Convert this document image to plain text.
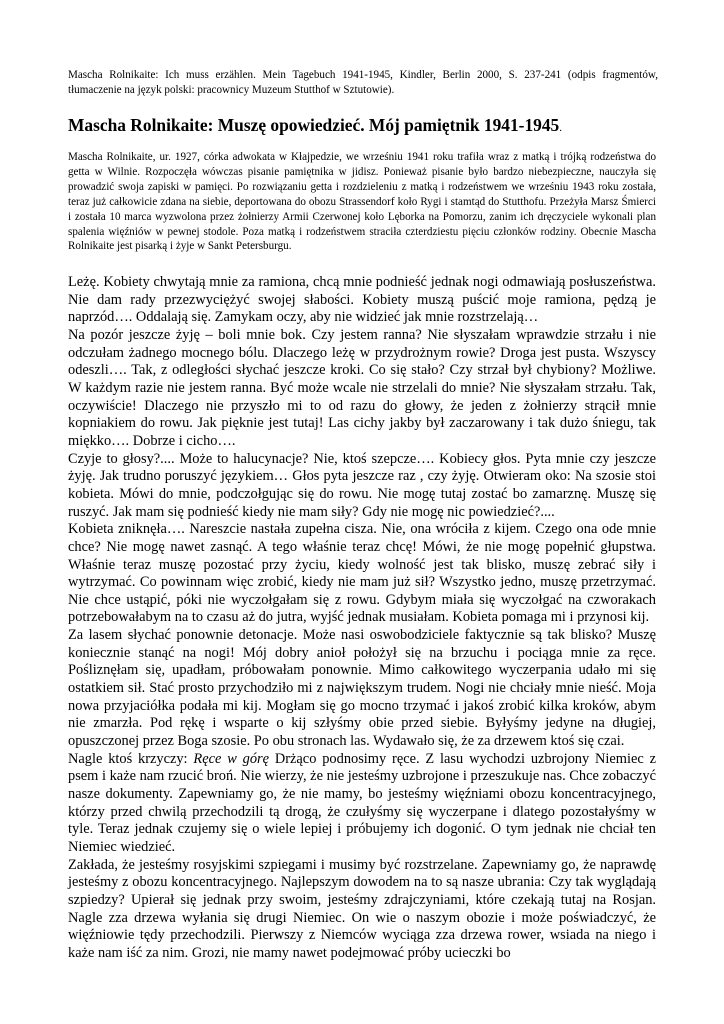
Mascha Rolnikaite: Ich muss erzählen. Mein Tagebuch 1941-1945, Kindler, Berlin 2000, S. 237-241 (odpis fragmentów, tłumaczenie na język polski: pracownicy Muzeum Stutthof w Sztutowie).
Mascha Rolnikaite: Muszę opowiedzieć. Mój pamiętnik 1941-1945.
Mascha Rolnikaite, ur. 1927, córka adwokata w Kłajpedzie, we wrześniu 1941 roku trafiła wraz z matką i trójką rodzeństwa do getta w Wilnie. Rozpoczęła wówczas pisanie pamiętnika w jidisz. Ponieważ pisanie było bardzo niebezpieczne, nauczyła się prowadzić swoja zapiski w pamięci. Po rozwiązaniu getta i rozdzieleniu z matką i rodzeństwem we wrześniu 1943 roku została, teraz już całkowicie zdana na siebie, deportowana do obozu Strassendorf koło Rygi i stamtąd do Stutthofu. Przeżyła Marsz Śmierci i została 10 marca wyzwolona przez żołnierzy Armii Czerwonej koło Lęborka na Pomorzu, zanim ich dręczyciele wykonali plan spalenia więźniów w pewnej stodole. Poza matką i rodzeństwem straciła czterdziestu pięciu członków rodziny. Obecnie Mascha Rolnikaite jest pisarką i żyje w Sankt Petersburgu.

Leżę. Kobiety chwytają mnie za ramiona, chcą mnie podnieść jednak nogi odmawiają posłuszeństwa. Nie dam rady przezwyciężyć swojej słabości. Kobiety muszą puścić moje ramiona, pędzą je naprzód…. Oddalają się. Zamykam oczy, aby nie widzieć jak mnie rozstrzelają…

Na pozór jeszcze żyję – boli mnie bok. Czy jestem ranna? Nie słyszałam wprawdzie strzału i nie odczułam żadnego mocnego bólu. Dlaczego leżę w przydrożnym rowie? Droga jest pusta. Wszyscy odeszli…. Tak, z odległości słychać jeszcze kroki. Co się stało? Czy strzał był chybiony? Możliwe. W każdym razie nie jestem ranna. Być może wcale nie strzelali do mnie? Nie słyszałam strzału. Tak, oczywiście! Dlaczego nie przyszło mi to od razu do głowy, że jeden z żołnierzy strącił mnie kopniakiem do rowu. Jak pięknie jest tutaj! Las cichy jakby był zaczarowany i tak dużo śniegu, tak miękko…. Dobrze i cicho….

Czyje to głosy?.... Może to halucynacje? Nie, ktoś szepcze…. Kobiecy głos. Pyta mnie czy jeszcze żyję. Jak trudno poruszyć językiem… Głos pyta jeszcze raz , czy żyję. Otwieram oko: Na szosie stoi kobieta. Mówi do mnie, podczołgując się do rowu. Nie mogę tutaj zostać bo zamarznę. Muszę się ruszyć. Jak mam się podnieść kiedy nie mam siły? Gdy nie mogę nic powiedzieć?....

Kobieta zniknęła…. Nareszcie nastała zupełna cisza. Nie, ona wróciła z kijem. Czego ona ode mnie chce? Nie mogę nawet zasnąć. A tego właśnie teraz chcę! Mówi, że nie mogę popełnić głupstwa. Właśnie teraz muszę pozostać przy życiu, kiedy wolność jest tak blisko, muszę zebrać siły i wytrzymać. Co powinnam więc zrobić, kiedy nie mam już sił? Wszystko jedno, muszę przetrzymać. Nie chce ustąpić, póki nie wyczołgałam się z rowu. Gdybym miała się wyczołgać na czworakach potrzebowałabym na to czasu aż do jutra, wyjść jednak musiałam. Kobieta pomaga mi i przynosi kij.

Za lasem słychać ponownie detonacje. Może nasi oswobodziciele faktycznie są tak blisko? Muszę koniecznie stanąć na nogi! Mój dobry anioł położył się na brzuchu i pociąga mnie za ręce. Pośliznęłam się, upadłam, próbowałam ponownie. Mimo całkowitego wyczerpania udało mi się ostatkiem sił. Stać prosto przychodziło mi z największym trudem. Nogi nie chciały mnie nieść. Moja nowa przyjaciółka podała mi kij. Mogłam się go mocno trzymać i jakoś zrobić kilka kroków, abym nie zmarzła. Pod rękę i wsparte o kij szłyśmy obie przed siebie. Byłyśmy jedyne na długiej, opuszczonej przez Boga szosie. Po obu stronach las. Wydawało się, że za drzewem ktoś się czai.

Nagle ktoś krzyczy: Ręce w górę Drżąco podnosimy ręce. Z lasu wychodzi uzbrojony Niemiec z psem i każe nam rzucić broń. Nie wierzy, że nie jesteśmy uzbrojone i przeszukuje nas. Chce zobaczyć nasze dokumenty. Zapewniamy go, że nie mamy, bo jesteśmy więźniami obozu koncentracyjnego, którzy przed chwilą przechodzili tą drogą, że czułyśmy się wyczerpane i dlatego pozostałyśmy w tyle. Teraz jednak czujemy się o wiele lepiej i próbujemy ich dogonić. O tym jednak nie chciał ten Niemiec wiedzieć.

Zakłada, że jesteśmy rosyjskimi szpiegami i musimy być rozstrzelane. Zapewniamy go, że naprawdę jesteśmy z obozu koncentracyjnego. Najlepszym dowodem na to są nasze ubrania: Czy tak wyglądają szpiedzy? Upierał się jednak przy swoim, jesteśmy zdrajczyniami, które czekają tutaj na Rosjan. Nagle zza drzewa wyłania się drugi Niemiec. On wie o naszym obozie i może poświadczyć, że więźniowie tędy przechodzili. Pierwszy z Niemców wyciąga zza drzewa rower, wsiada na niego i każe nam iść za nim. Grozi, nie mamy nawet podejmować próby ucieczki bo
